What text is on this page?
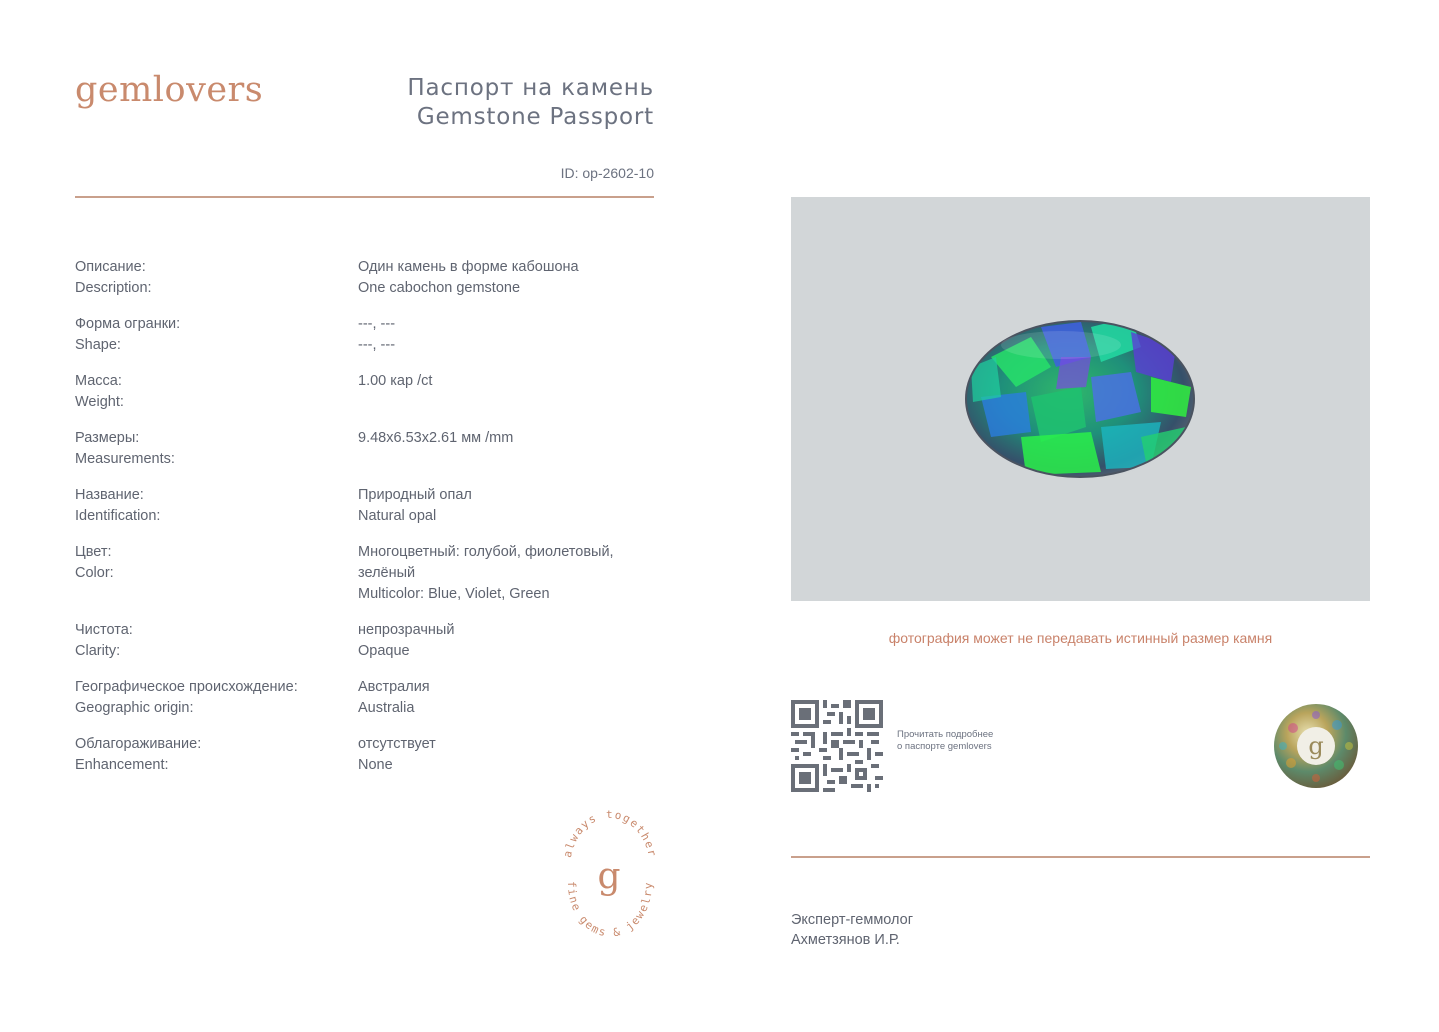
gemlovers	Паспорт на камень
Gemstone Passport
ID: op-2602-10
Описание:
Description:
Один камень в форме кабошона
One cabochon gemstone
Форма огранки:
Shape:
---, ---
---, ---
Масса:
Weight:
1.00 кар /ct
Размеры:
Measurements:
9.48x6.53x2.61 мм /mm
Название:
Identification:
Природный опал
Natural opal
Цвет:
Color:
Многоцветный: голубой, фиолетовый,
зелёный
Multicolor: Blue, Violet, Green
Чистота:
Clarity:
непрозрачный
Opaque
Географическое происхождение:
Geographic origin:
Австралия
Australia
Облагораживание:
Enhancement:
отсутствует
None
фотография может не передавать истинный размер камня
Прочитать подробнее
о паспорте gemlovers	g
Эксперт-геммолог
Ахметзянов И.Р.
always together
fine gems & jewelry
g
